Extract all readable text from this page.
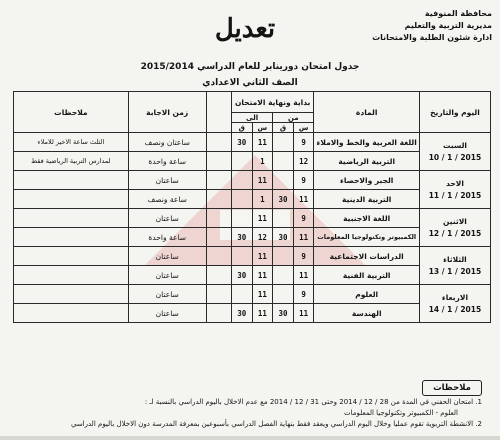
محافظة المنوفية
مديرية التربية والتعليم
ادارة شئون الطلبة والامتحانات
تعديل
جدول امتحان دورينابر للعام الدراسي 2015/2014
الصف الثاني الاعدادي
اليوم والتاريخ	المادة	بداية ونهاية الامتحان					زمن الاجابة	ملاحظات
		من		الى				
		س	ق	س	ق			

السبت
2015 / 1 / 10	اللغة العربية والخط والاملاء	9		11	30		ساعتان ونصف	الثلث ساعة الاخير للاملاء
	التربية الرياضية	12		1			ساعة واحدة	لمدارس التربية الرياضية فقط

الاحد
2015 / 1 / 11	الجبر والاحصاء	9		11			ساعتان	
	التربية الدينية	11	30	1			ساعة ونصف	

الاثنين
2015 / 1 / 12	اللغة الاجنبية	9		11			ساعتان	
	الكمبيوتر وتكنولوجيا المعلومات	11	30	12	30		ساعة واحدة	

الثلاثاء
2015 / 1 / 13	الدراسات الاجتماعية	9		11			ساعتان	
	التربية الفنية	11		11	30		ساعتان	

الاربعاء
2015 / 1 / 14	العلوم	9		11			ساعتان	
	الهندسة	11	30	11	30		ساعتان	
ملاحظات
1. امتحان الحفني في المدة من 28 / 12 / 2014 وحتى 31 / 12 / 2014 مع عدم الاخلال باليوم الدراسي بالنسبة لـ :
العلوم - الكمبيوتر وتكنولوجيا المعلومات
2. الانشطة التربوية تقوم عمليا وخلال اليوم الدراسي ويعقد فقط بنهاية الفصل الدراسي بأسبوعين بمعرفة المدرسة دون الاخلال باليوم الدراسي
